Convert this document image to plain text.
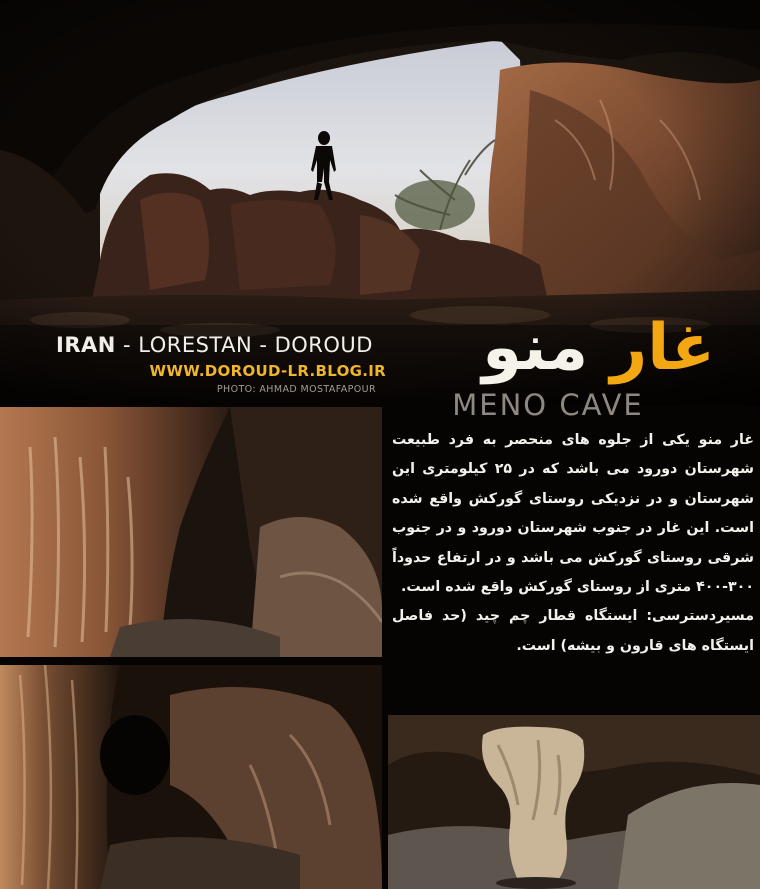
IRAN - LORESTAN - DOROUD
WWW.DOROUD-LR.BLOG.IR
PHOTO: AHMAD MOSTAFAPOUR
غار منو
MENO CAVE

غار منو یکی از جلوه های منحصر به فرد طبیعت شهرستان دورود می باشد که در ۲۵ کیلومتری این شهرستان و در نزدیکی روستای گورکش واقع شده است. این غار در جنوب شهرستان دورود و در جنوب شرقی روستای گورکش می باشد و در ارتفاع حدوداً ۳۰۰-۴۰۰ متری از روستای گورکش واقع شده است.

مسیردسترسی: ایستگاه قطار چم چید (حد فاصل ایستگاه های قارون و بیشه) است.
